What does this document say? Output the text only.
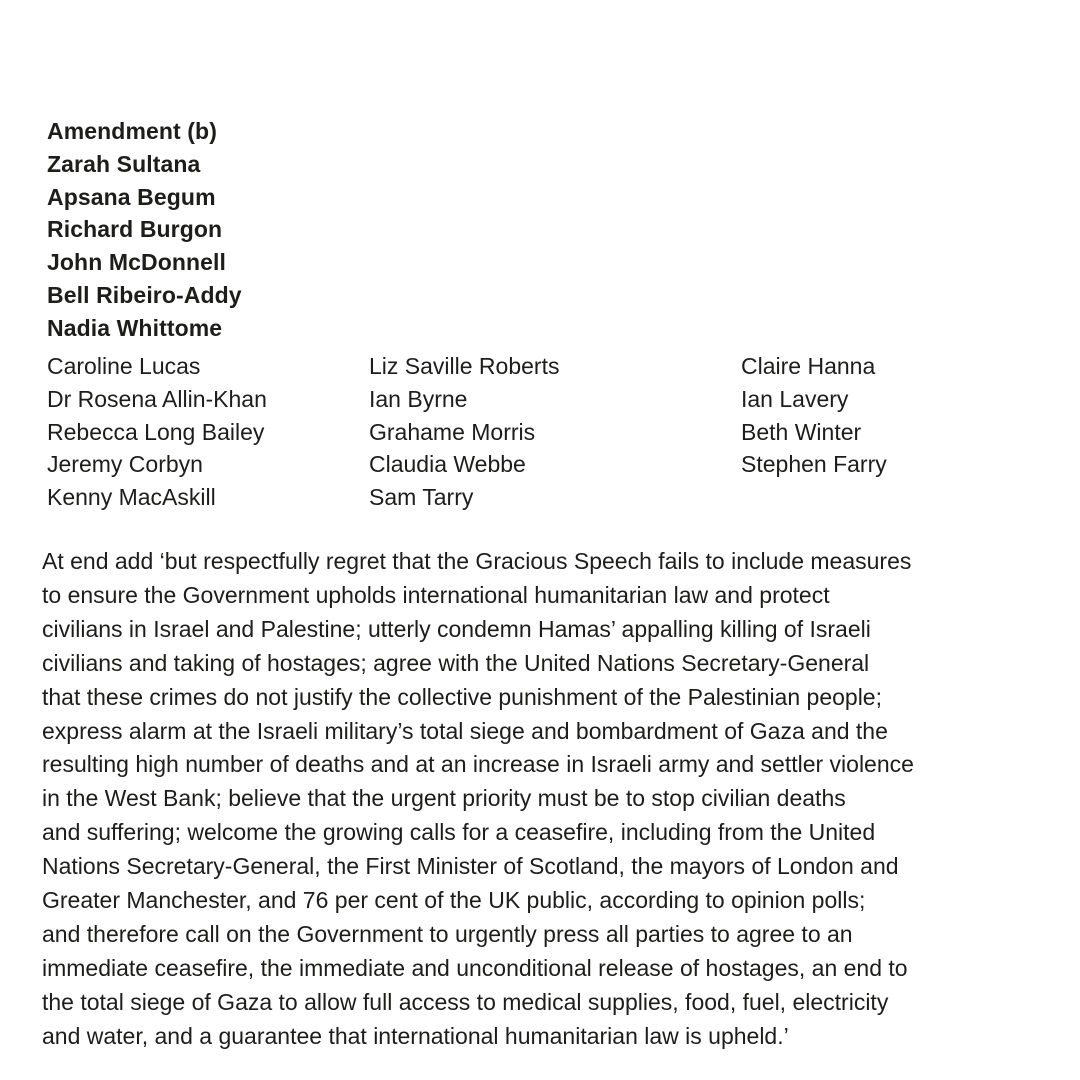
Amendment (b)
Zarah Sultana
Apsana Begum
Richard Burgon
John McDonnell
Bell Ribeiro-Addy
Nadia Whittome
Caroline Lucas
Dr Rosena Allin-Khan
Rebecca Long Bailey
Jeremy Corbyn
Kenny MacAskill
Liz Saville Roberts
Ian Byrne
Grahame Morris
Claudia Webbe
Sam Tarry
Claire Hanna
Ian Lavery
Beth Winter
Stephen Farry
At end add ‘but respectfully regret that the Gracious Speech fails to include measures
to ensure the Government upholds international humanitarian law and protect
civilians in Israel and Palestine; utterly condemn Hamas’ appalling killing of Israeli
civilians and taking of hostages; agree with the United Nations Secretary-General
that these crimes do not justify the collective punishment of the Palestinian people;
express alarm at the Israeli military’s total siege and bombardment of Gaza and the
resulting high number of deaths and at an increase in Israeli army and settler violence
in the West Bank; believe that the urgent priority must be to stop civilian deaths
and suffering; welcome the growing calls for a ceasefire, including from the United
Nations Secretary-General, the First Minister of Scotland, the mayors of London and
Greater Manchester, and 76 per cent of the UK public, according to opinion polls;
and therefore call on the Government to urgently press all parties to agree to an
immediate ceasefire, the immediate and unconditional release of hostages, an end to
the total siege of Gaza to allow full access to medical supplies, food, fuel, electricity
and water, and a guarantee that international humanitarian law is upheld.’
